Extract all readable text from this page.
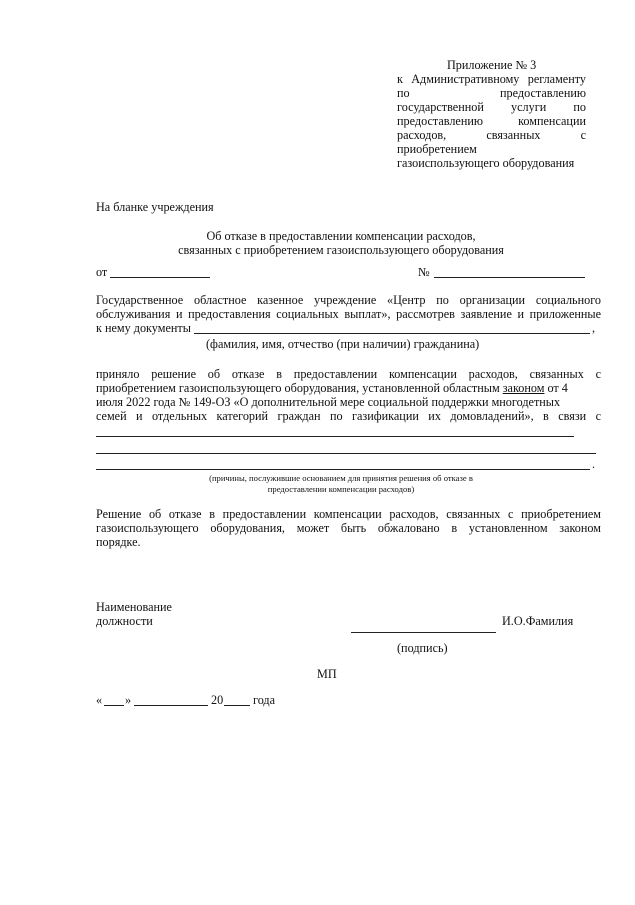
Приложение № 3
к Административному регламенту
по	предоставлению
государственной услуги по
предоставлению	компенсации
расходов,	связанных	с
приобретением
газоиспользующего оборудования
На бланке учреждения
Об отказе в предоставлении компенсации расходов,
связанных с приобретением газоиспользующего оборудования
от	№
Государственное областное казенное учреждение «Центр по организации социального
обслуживания и предоставления социальных выплат», рассмотрев заявление и приложенные
к нему документы	,
(фамилия, имя, отчество (при наличии) гражданина)
приняло решение об отказе в предоставлении компенсации расходов, связанных с
приобретением газоиспользующего оборудования, установленной областным законом от 4
июля 2022 года № 149-ОЗ «О дополнительной мере социальной поддержки многодетных
семей и отдельных категорий граждан по газификации их домовладений», в связи с
.
(причины, послужившие основанием для принятия решения об отказе в
предоставлении компенсации расходов)
Решение об отказе в предоставлении компенсации расходов, связанных с приобретением
газоиспользующего оборудования, может быть обжаловано в установленном законом
порядке.
Наименование
должности	И.О.Фамилия
(подпись)
МП
« »	20 года
